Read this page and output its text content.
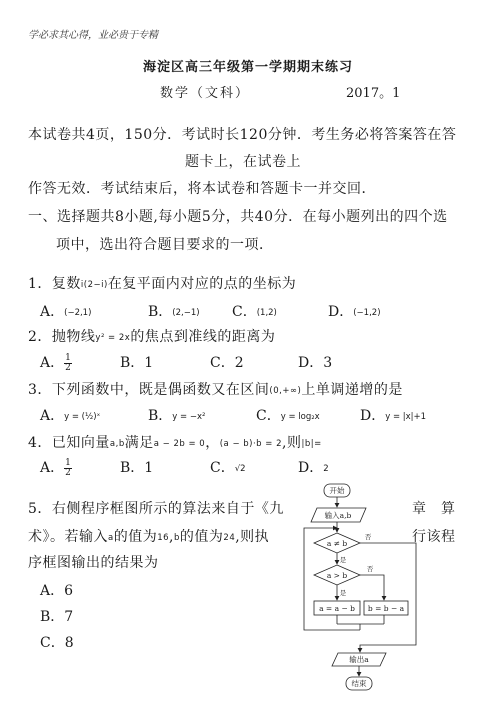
学必求其心得，业必贵于专精
海淀区高三年级第一学期期末练习
数学（文科）	2017。1
本试卷共4页，150分．考试时长120分钟．考生务必将答案答在答
题卡上，在试卷上
作答无效．考试结束后，将本试卷和答题卡一并交回．
一、选择题共8小题,每小题5分，共40分．在每小题列出的四个选
项中，选出符合题目要求的一项．
1．复数i(2−i)在复平面内对应的点的坐标为
A．(−2,1)	B．(2,−1) C．(1,2)	D．(−1,2)
2．抛物线y² = 2x的焦点到准线的距离为
A． $\frac{1}{2}$	B．1	C．2	D．3
3．下列函数中，既是偶函数又在区间(0,+∞)上单调递增的是
A．y = (½)ˣ	B．y = −x²	C．y = log₂x	D．y = |x|+1
4．已知向量a,b满足a − 2b = 0，(a − b)·b = 2,则|b|=
A． $\frac{1}{2}$	B．1	C．√2	D．2
5．右侧程序框图所示的算法来自于《九	章　算
术》。若输入a的值为16,b的值为24,则执	行该程
序框图输出的结果为
A．6
B．7
C．8
开始
输入a,b
a ≠ b
是
否
a > b
是
否
a = a − b b = b − a
输出a
结束
